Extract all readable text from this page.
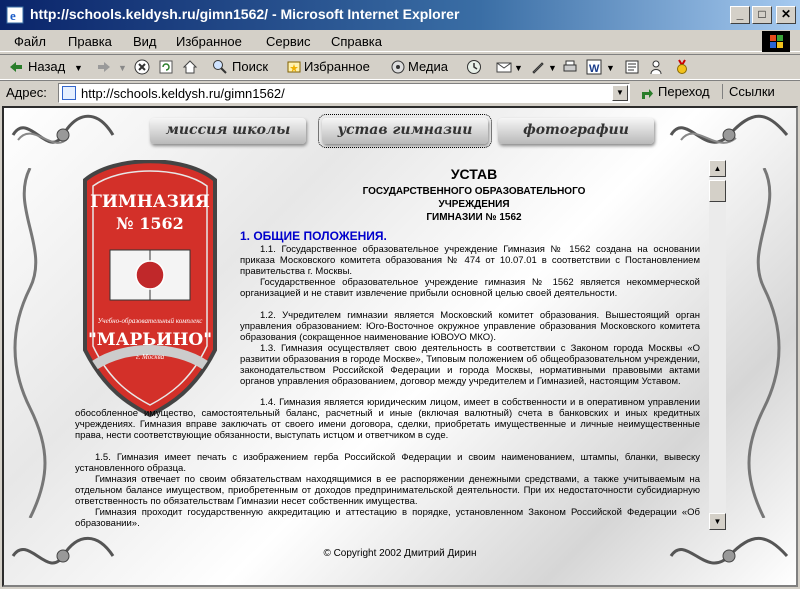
e http://schools.keldysh.ru/gimn1562/ - Microsoft Internet Explorer	_	□	✕
Файл Правка Вид Избранное Сервис Справка
Назад ▼	▼	Поиск	Избранное	Медиа	▼	▼	W ▼
Адрес:
http://schools.keldysh.ru/gimn1562/	▼	Переход	Ссылки
миссия школы	устав гимназии	фотографии
ГИМНАЗИЯ
№ 1562
Учебно-образовательный комплекс
"МАРЬИНО"
г. Москва
УСТАВ
ГОСУДАРСТВЕННОГО ОБРАЗОВАТЕЛЬНОГО
УЧРЕЖДЕНИЯ
ГИМНАЗИИ № 1562
1. ОБЩИЕ ПОЛОЖЕНИЯ.
1.1. Государственное образовательное учреждение Гимназия № 1562 создана на основании приказа Московского комитета образования № 474 от 10.07.01 в соответствии с Постановлением правительства г. Москвы.
Государственное образовательное учреждение гимназия № 1562 является некоммерческой организацией и не ставит извлечение прибыли основной целью своей деятельности.
1.2. Учредителем гимназии является Московский комитет образования. Вышестоящий орган управления образованием: Юго-Восточное окружное управление образования Московского комитета образования (сокращенное наименование ЮВОУО МКО).
1.3. Гимназия осуществляет свою деятельность в соответствии с Законом города Москвы «О развитии образования в городе Москве», Типовым положением об общеобразовательном учреждении, законодательством Российской Федерации и города Москвы, нормативными правовыми актами органов управления образованием, договор между учредителем и Гимназией, настоящим Уставом.
1.4. Гимназия является юридическим лицом, имеет в собственности и в оперативном управлении обособленное имущество, самостоятельный баланс, расчетный и иные (включая валютный) счета в банковских и иных кредитных учреждениях. Гимназия вправе заключать от своего имени договора, сделки, приобретать имущественные и личные неимущественные права, нести соответствующие обязанности, выступать истцом и ответчиком в суде.
1.5. Гимназия имеет печать с изображением герба Российской Федерации и своим наименованием, штампы, бланки, вывеску установленного образца.
Гимназия отвечает по своим обязательствам находящимися в ее распоряжении денежными средствами, а также учитываемым на отдельном балансе имуществом, приобретенным от доходов предпринимательской деятельности. При их недостаточности субсидиарную ответственность по обязательствам Гимназии несет собственник имущества.
Гимназия проходит государственную аккредитацию и аттестацию в порядке, установленном Законом Российской Федерации «Об образовании».
▲
▼
© Copyright 2002 Дмитрий Дирин
